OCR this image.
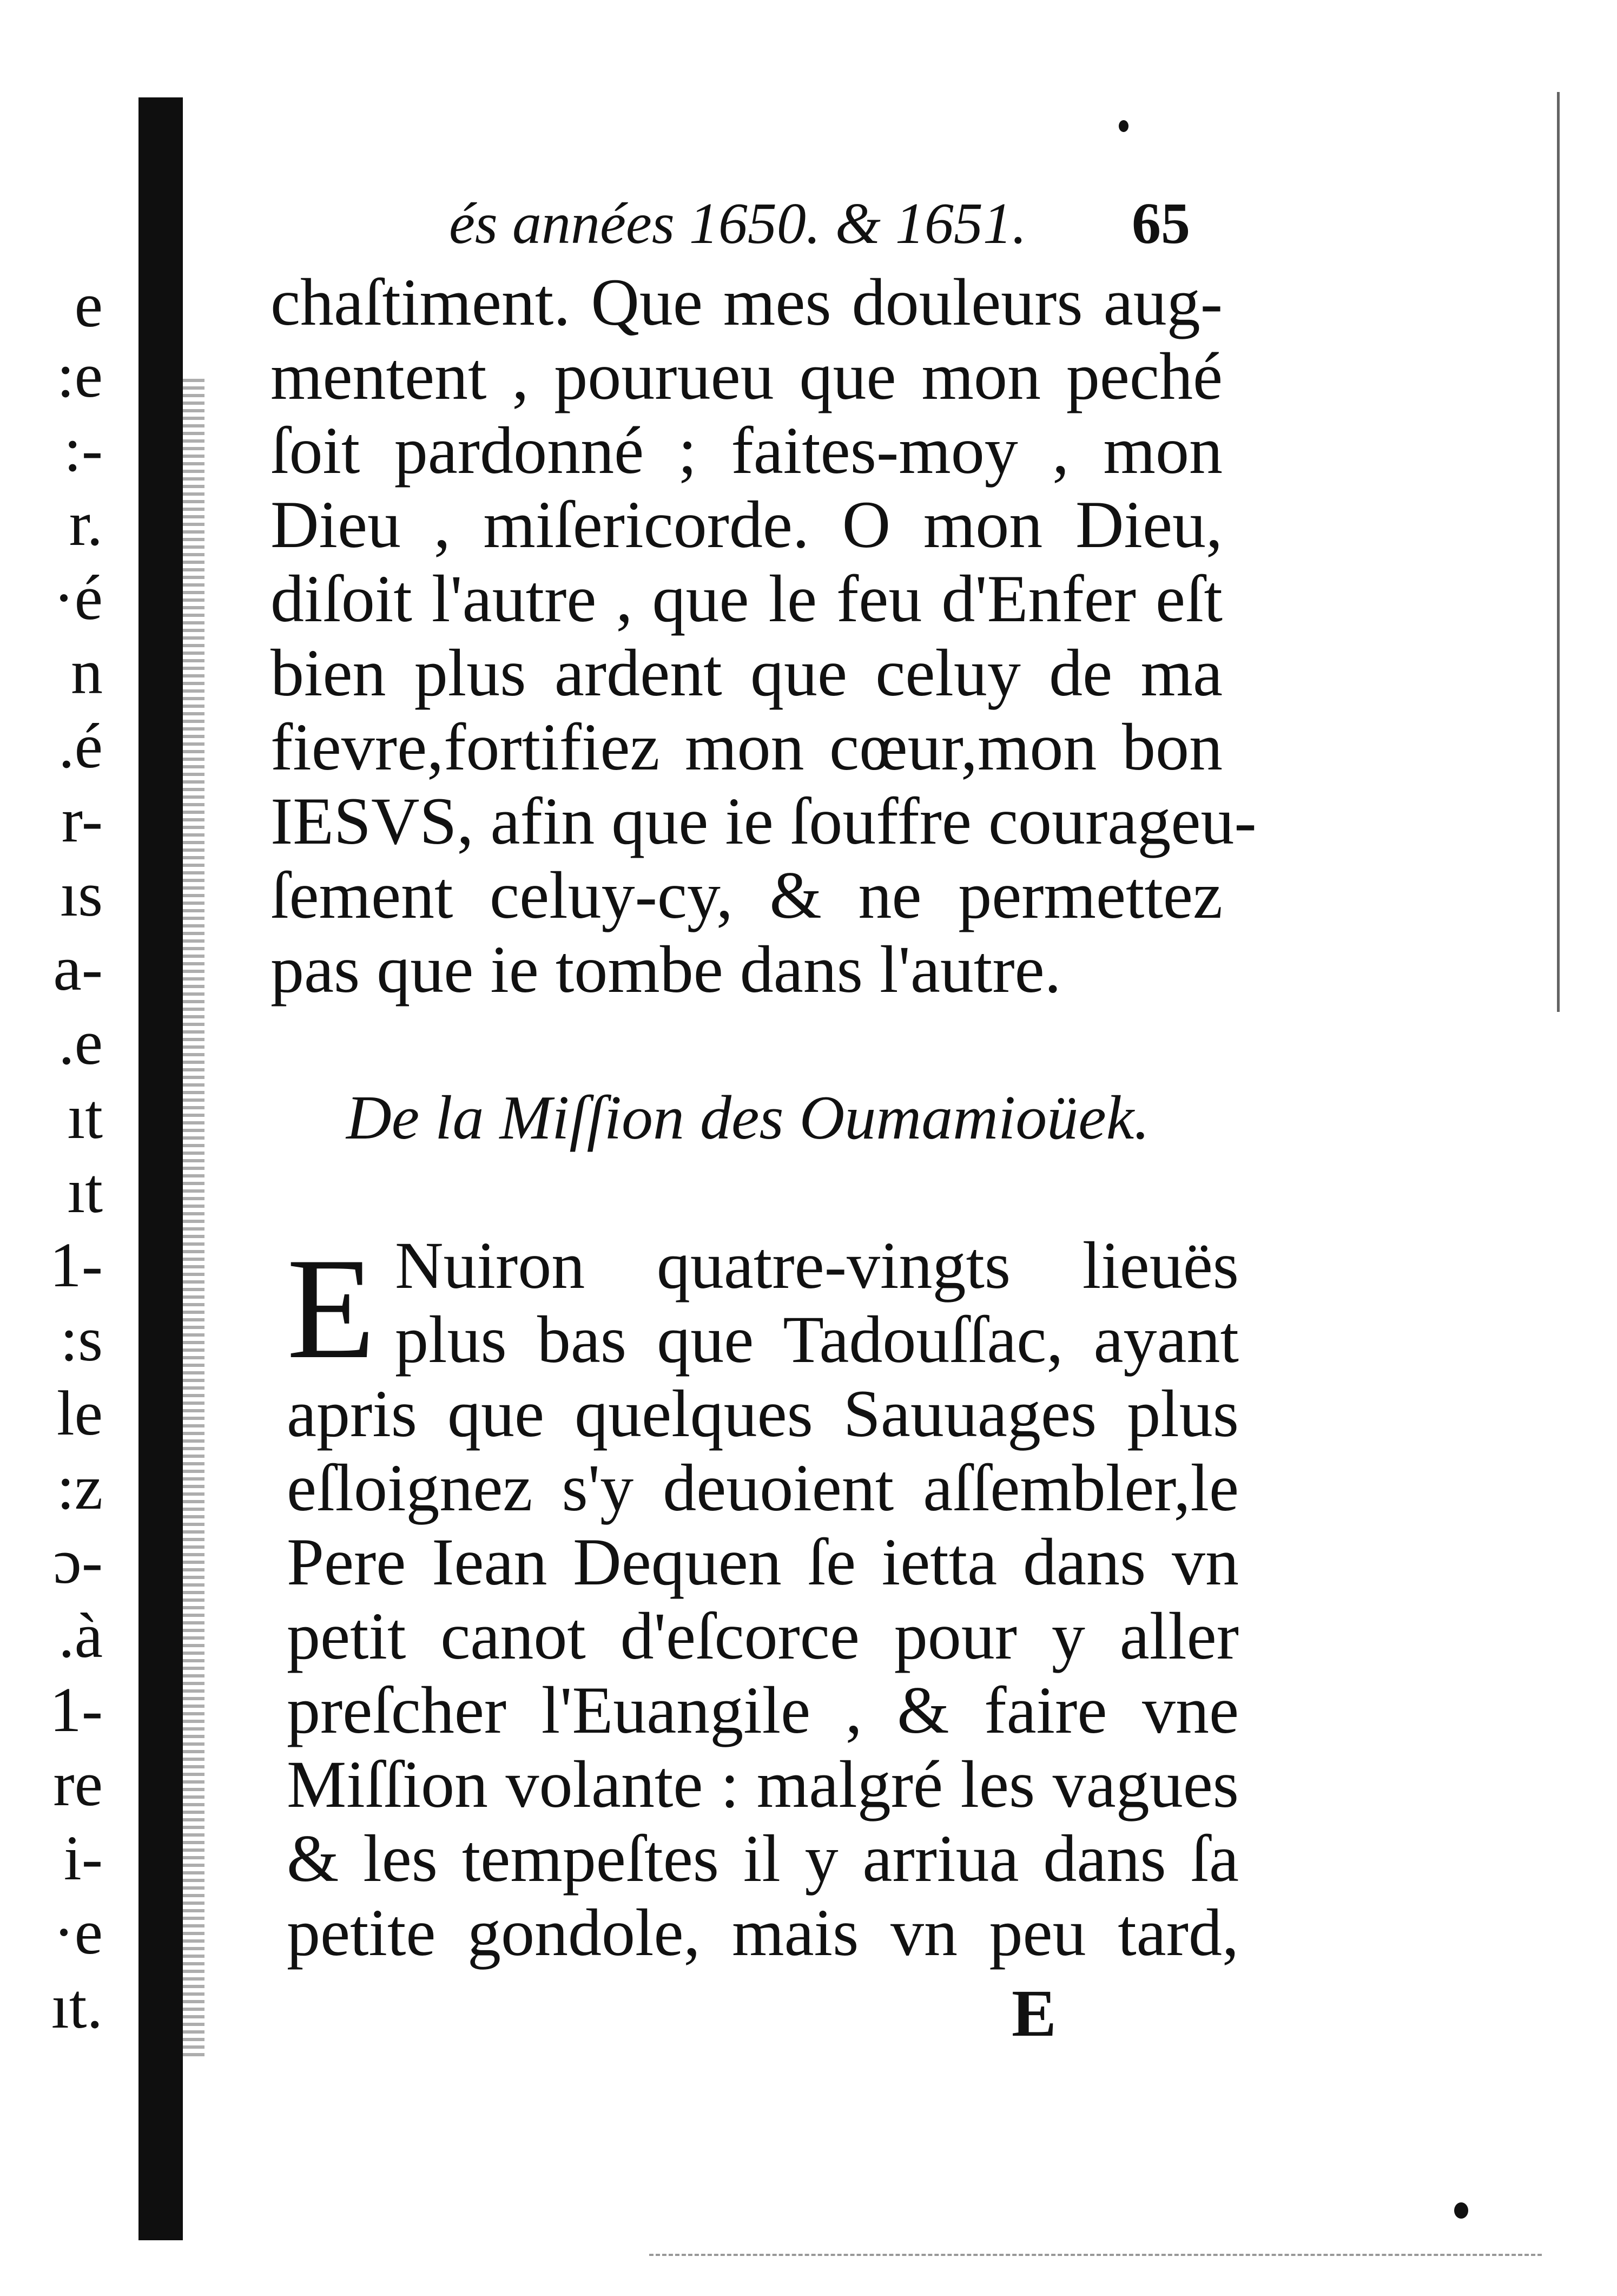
e
:e
:-
r.
·é
n
.é
r-
ıs
a-
.e
ıt
ıt
1-
:s
le
:z
ɔ-
.à
1-
re
i-
·e
ıt.
és années 1650. & 1651. 65
chaſtiment. Que mes douleurs aug-
mentent , pourueu que mon peché
ſoit pardonné ; faites-moy , mon
Dieu , miſericorde. O mon Dieu,
diſoit l'autre , que le feu d'Enfer eſt
bien plus ardent que celuy de ma
fievre,fortifiez mon cœur,mon bon
IESVS, afin que ie ſouffre courageu-
ſement celuy-cy, & ne permettez
pas que ie tombe dans l'autre.
De la Miſſion des Oumamioüek.
E Nuiron quatre-vingts lieuës
plus bas que Tadouſſac, ayant
apris que quelques Sauuages plus
eſloignez s'y deuoient aſſembler,le
Pere Iean Dequen ſe ietta dans vn
petit canot d'eſcorce pour y aller
preſcher l'Euangile , & faire vne
Miſſion volante : malgré les vagues
& les tempeſtes il y arriua dans ſa
petite gondole, mais vn peu tard,
E
